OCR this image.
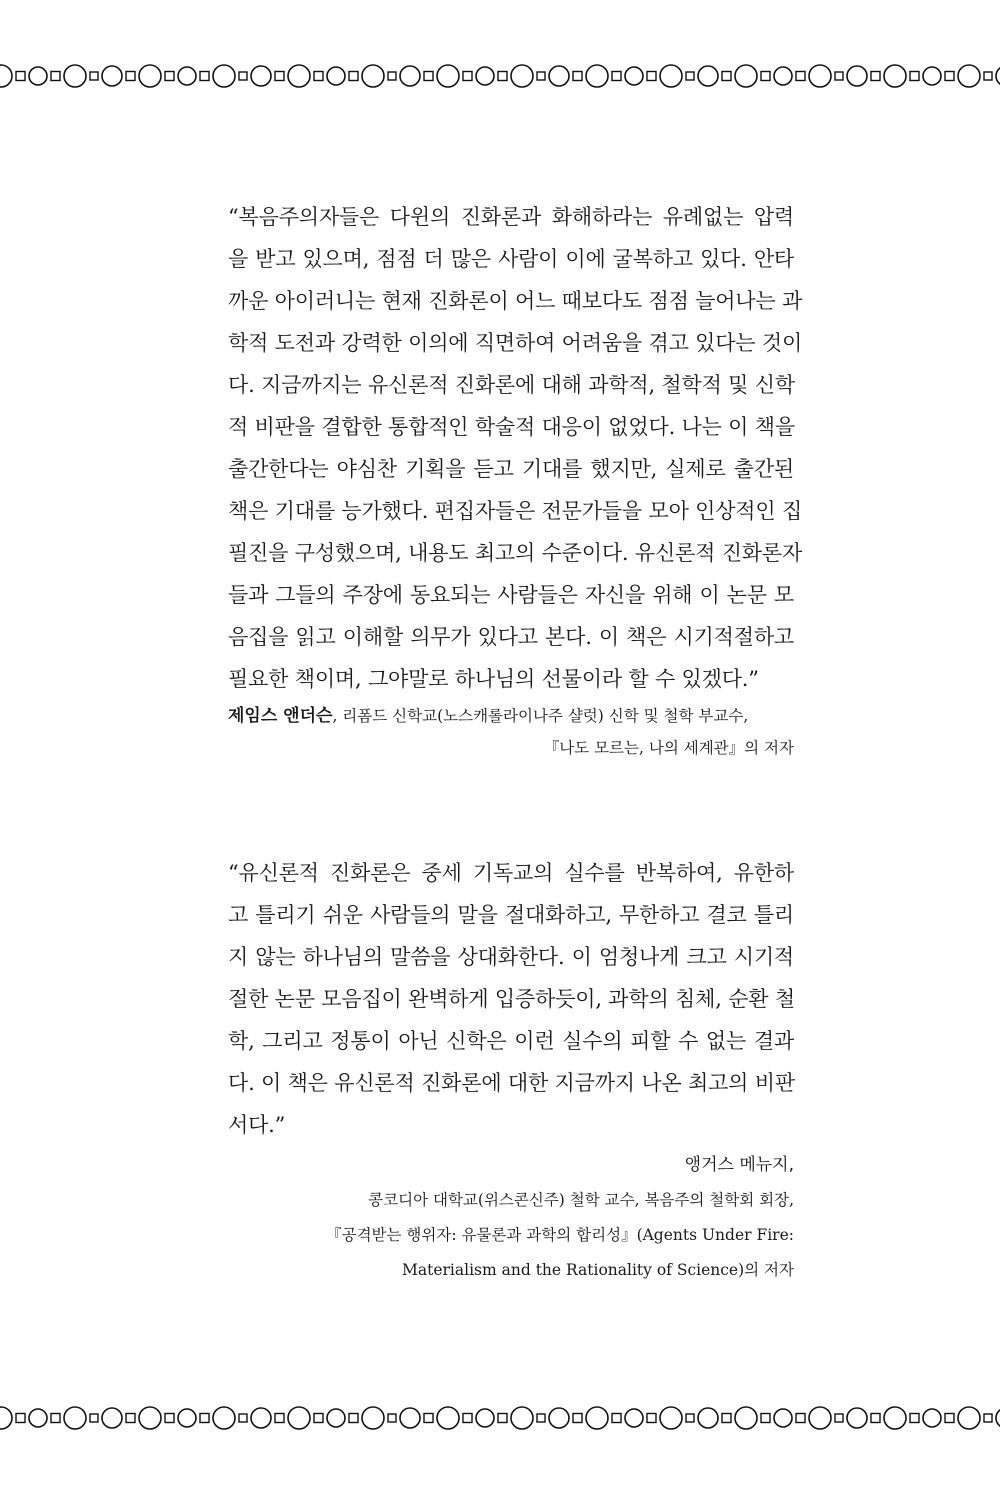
“복음주의자들은 다윈의 진화론과 화해하라는 유례없는 압력
을 받고 있으며, 점점 더 많은 사람이 이에 굴복하고 있다. 안타
까운 아이러니는 현재 진화론이 어느 때보다도 점점 늘어나는 과
학적 도전과 강력한 이의에 직면하여 어려움을 겪고 있다는 것이
다. 지금까지는 유신론적 진화론에 대해 과학적, 철학적 및 신학
적 비판을 결합한 통합적인 학술적 대응이 없었다. 나는 이 책을
출간한다는 야심찬 기획을 듣고 기대를 했지만, 실제로 출간된
책은 기대를 능가했다. 편집자들은 전문가들을 모아 인상적인 집
필진을 구성했으며, 내용도 최고의 수준이다. 유신론적 진화론자
들과 그들의 주장에 동요되는 사람들은 자신을 위해 이 논문 모
음집을 읽고 이해할 의무가 있다고 본다. 이 책은 시기적절하고
필요한 책이며, 그야말로 하나님의 선물이라 할 수 있겠다.”
제임스 앤더슨, 리폼드 신학교(노스캐롤라이나주 샬럿) 신학 및 철학 부교수,
『나도 모르는, 나의 세계관』의 저자
“유신론적 진화론은 중세 기독교의 실수를 반복하여, 유한하
고 틀리기 쉬운 사람들의 말을 절대화하고, 무한하고 결코 틀리
지 않는 하나님의 말씀을 상대화한다. 이 엄청나게 크고 시기적
절한 논문 모음집이 완벽하게 입증하듯이, 과학의 침체, 순환 철
학, 그리고 정통이 아닌 신학은 이런 실수의 피할 수 없는 결과
다. 이 책은 유신론적 진화론에 대한 지금까지 나온 최고의 비판
서다.”
앵거스 메뉴지,
콩코디아 대학교(위스콘신주) 철학 교수, 복음주의 철학회 회장,
『공격받는 행위자: 유물론과 과학의 합리성』(Agents Under Fire:
Materialism and the Rationality of Science)의 저자
